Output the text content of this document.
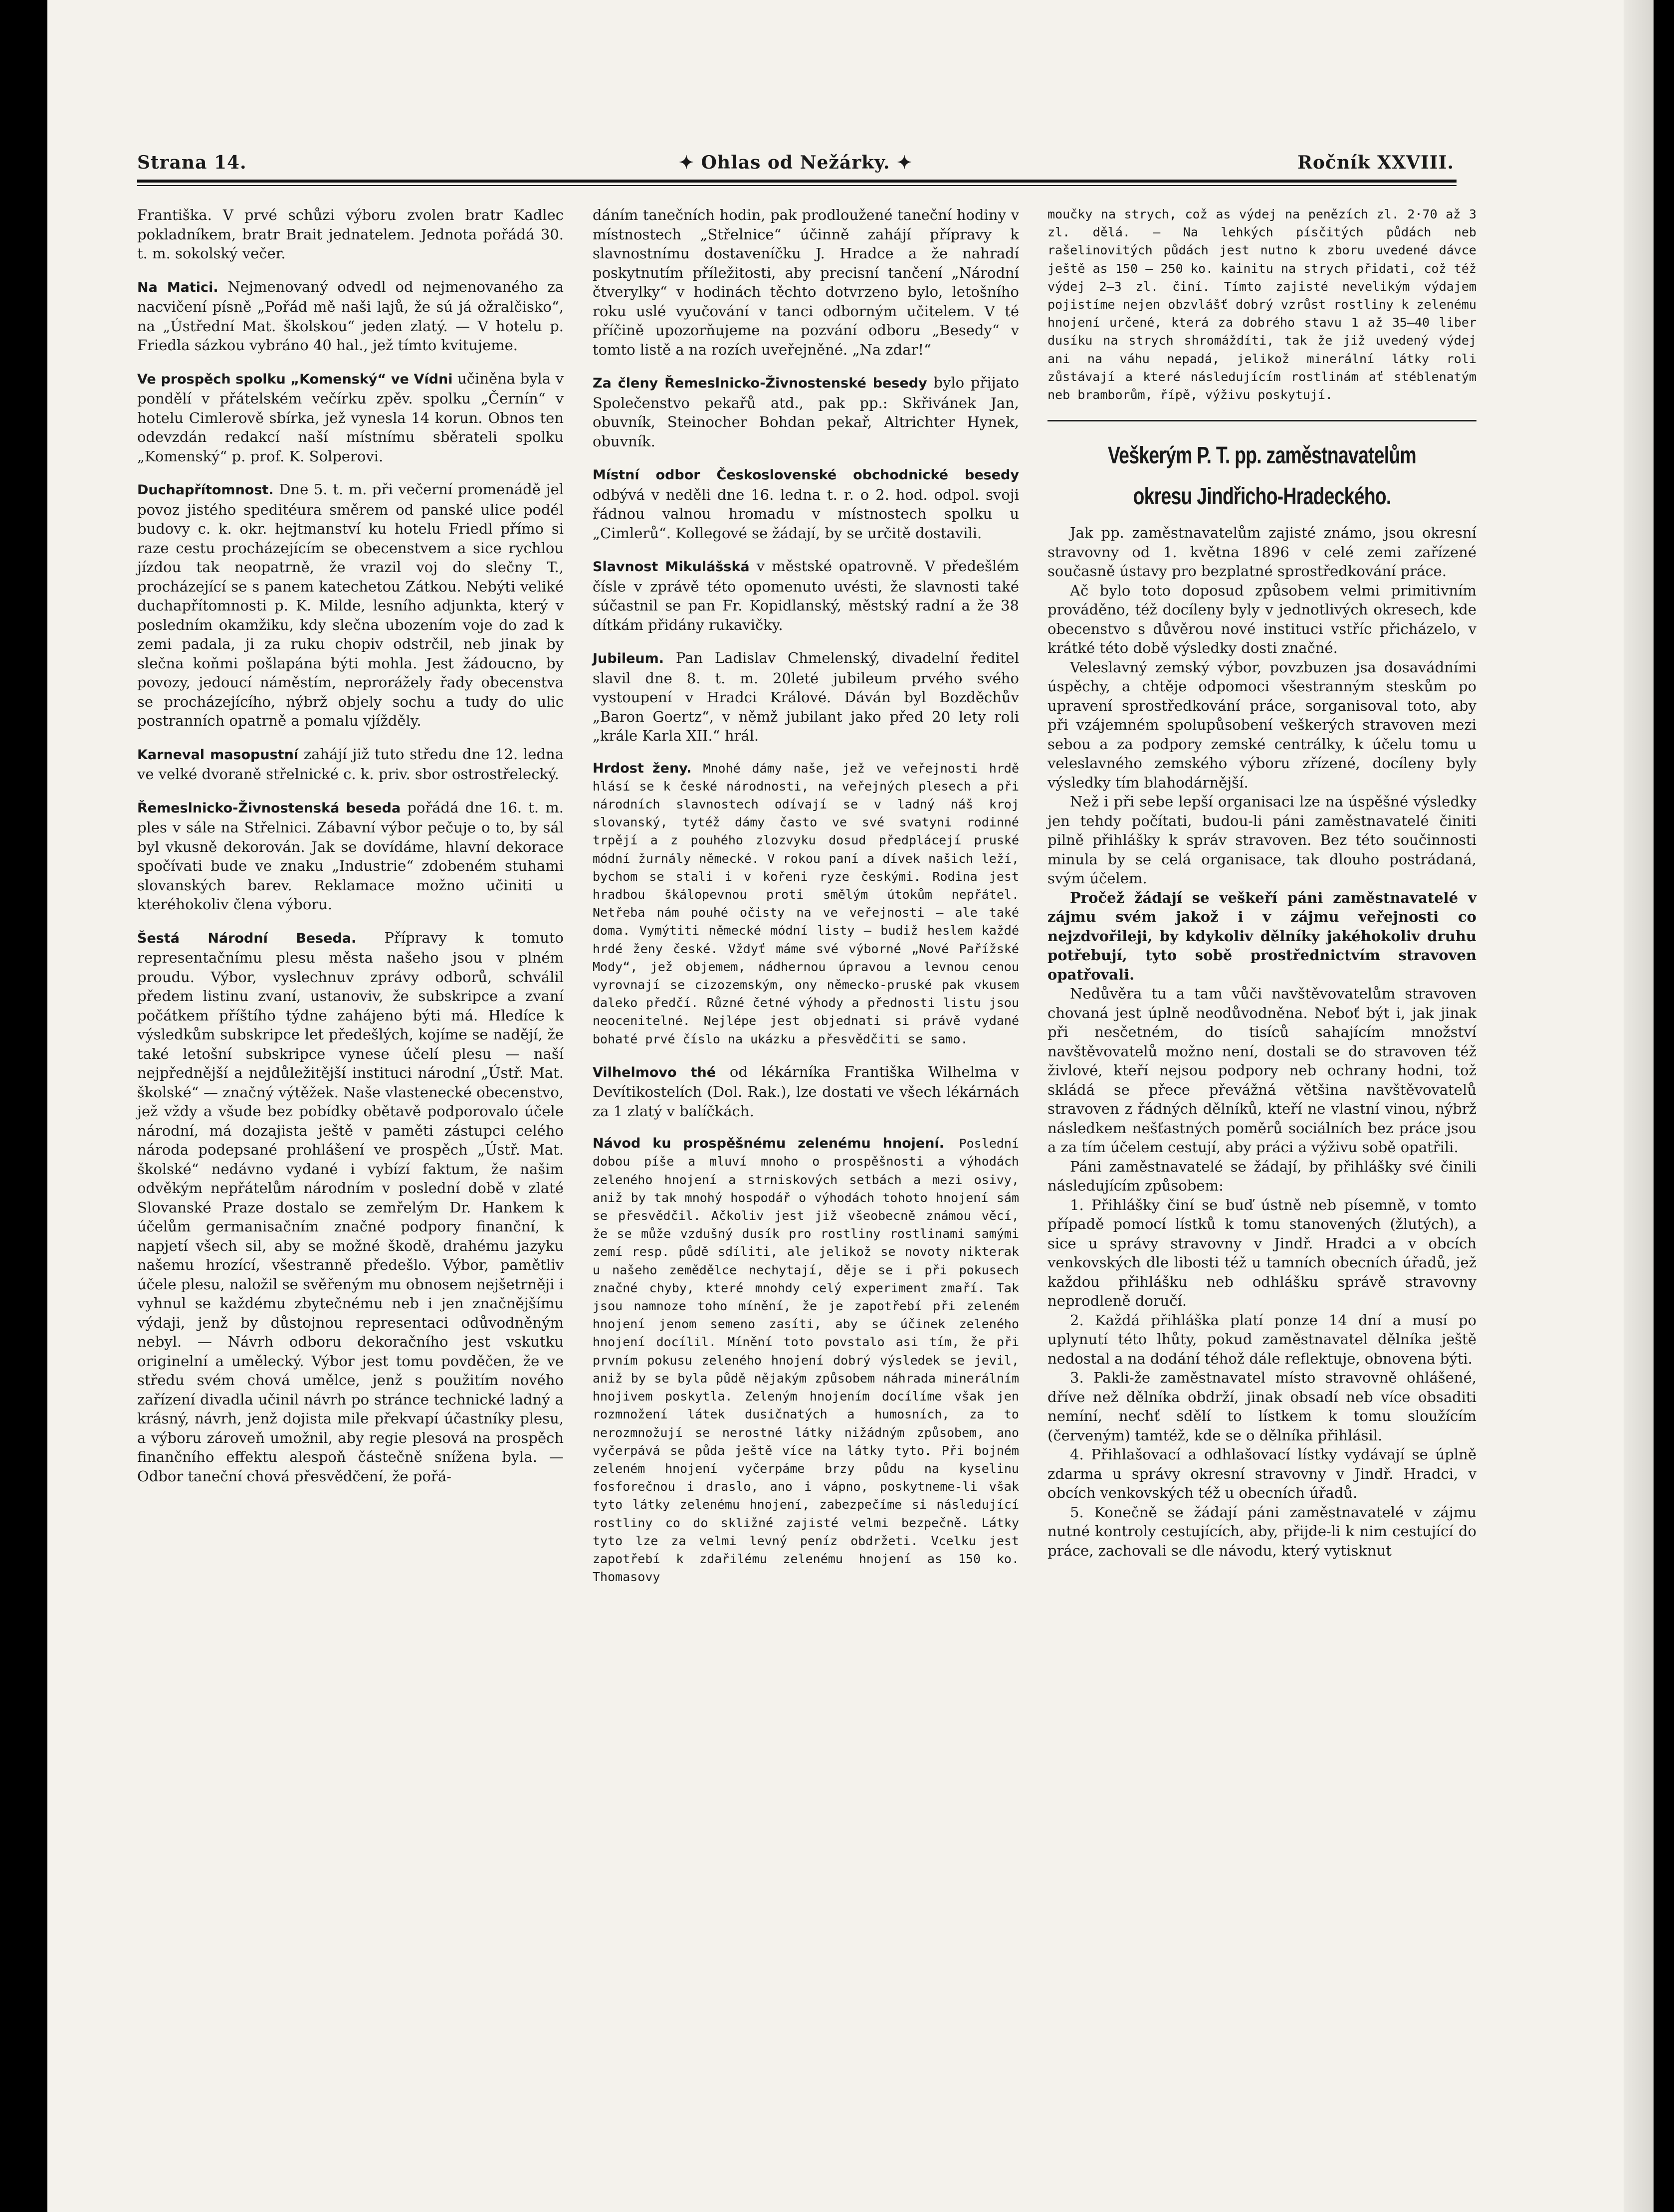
Strana 14.	✦ Ohlas od Nežárky. ✦	Ročník XXVIII.

Františka. V prvé schůzi výboru zvolen bratr Kadlec pokladníkem, bratr Brait jednatelem. Jednota pořádá 30. t. m. sokolský večer.

Na Matici. Nejmenovaný odvedl od nejmenovaného za nacvičení písně „Pořád mě naši lajů, že sú já ožralčisko“, na „Ústřední Mat. školskou“ jeden zlatý. — V hotelu p. Friedla sázkou vybráno 40 hal., jež tímto kvitujeme.

Ve prospěch spolku „Komenský“ ve Vídni učiněna byla v pondělí v přátelském večírku zpěv. spolku „Černín“ v hotelu Cimlerově sbírka, jež vynesla 14 korun. Obnos ten odevzdán redakcí naší místnímu sběrateli spolku „Komenský“ p. prof. K. Solperovi.

Duchapřítomnost. Dne 5. t. m. při večerní promenádě jel povoz jistého speditéura směrem od panské ulice podél budovy c. k. okr. hejtmanství ku hotelu Friedl přímo si raze cestu procházejícím se obecenstvem a sice rychlou jízdou tak neopatrně, že vrazil voj do slečny T., procházející se s panem katechetou Zátkou. Nebýti veliké duchapřítomnosti p. K. Milde, lesního adjunkta, který v posledním okamžiku, kdy slečna ubozením voje do zad k zemi padala, ji za ruku chopiv odstrčil, neb jinak by slečna koňmi pošlapána býti mohla. Jest žádoucno, by povozy, jedoucí náměstím, neprorážely řady obecenstva se procházejícího, nýbrž objely sochu a tudy do ulic postranních opatrně a pomalu vjížděly.

Karneval masopustní zahájí již tuto středu dne 12. ledna ve velké dvoraně střelnické c. k. priv. sbor ostrostřelecký.

Řemeslnicko-Živnostenská beseda pořádá dne 16. t. m. ples v sále na Střelnici. Zábavní výbor pečuje o to, by sál byl vkusně dekorován. Jak se dovídáme, hlavní dekorace spočívati bude ve znaku „Industrie“ zdobeném stuhami slovanských barev. Reklamace možno učiniti u kteréhokoliv člena výboru.

Šestá Národní Beseda. Přípravy k tomuto representačnímu plesu města našeho jsou v plném proudu. Výbor, vyslechnuv zprávy odborů, schválil předem listinu zvaní, ustanoviv, že subskripce a zvaní počátkem příštího týdne zahájeno býti má. Hledíce k výsledkům subskripce let předešlých, kojíme se nadějí, že také letošní subskripce vynese účelí plesu — naší nejpřednější a nejdůležitější instituci národní „Ústř. Mat. školské“ — značný výtěžek. Naše vlastenecké obecenstvo, jež vždy a všude bez pobídky obětavě podporovalo účele národní, má dozajista ještě v paměti zástupci celého národa podepsané prohlášení ve prospěch „Ústř. Mat. školské“ nedávno vydané i vybízí faktum, že našim odvěkým nepřátelům národním v poslední době v zlaté Slovanské Praze dostalo se zemřelým Dr. Hankem k účelům germanisačním značné podpory finanční, k napjetí všech sil, aby se možné škodě, drahému jazyku našemu hrozící, všestranně předešlo. Výbor, pamětliv účele plesu, naložil se svěřeným mu obnosem nejšetrněji i vyhnul se každému zbytečnému neb i jen značnějšímu výdaji, jenž by důstojnou representaci odůvodněným nebyl. — Návrh odboru dekoračního jest vskutku originelní a umělecký. Výbor jest tomu povděčen, že ve středu svém chová umělce, jenž s použitím nového zařízení divadla učinil návrh po stránce technické ladný a krásný, návrh, jenž dojista mile překvapí účastníky plesu, a výboru zároveň umožnil, aby regie plesová na prospěch finančního effektu alespoň částečně snížena byla. — Odbor taneční chová přesvědčení, že pořá-

dáním tanečních hodin, pak prodloužené taneční hodiny v místnostech „Střelnice“ účinně zahájí přípravy k slavnostnímu dostaveníčku J. Hradce a že nahradí poskytnutím příležitosti, aby precisní tančení „Národní čtverylky“ v hodinách těchto dotvrzeno bylo, letošního roku uslé vyučování v tanci odborným učitelem. V té příčině upozorňujeme na pozvání odboru „Besedy“ v tomto listě a na rozích uveřejněné. „Na zdar!“

Za členy Řemeslnicko-Živnostenské besedy bylo přijato Společenstvo pekařů atd., pak pp.: Skřivánek Jan, obuvník, Steinocher Bohdan pekař, Altrichter Hynek, obuvník.

Místní odbor Československé obchodnické besedy odbývá v neděli dne 16. ledna t. r. o 2. hod. odpol. svoji řádnou valnou hromadu v místnostech spolku u „Cimlerů“. Kollegové se žádají, by se určitě dostavili.

Slavnost Mikulášská v městské opatrovně. V předešlém čísle v zprávě této opomenuto uvésti, že slavnosti také súčastnil se pan Fr. Kopidlanský, městský radní a že 38 dítkám přidány rukavičky.

Jubileum. Pan Ladislav Chmelenský, divadelní ředitel slavil dne 8. t. m. 20leté jubileum prvého svého vystoupení v Hradci Králové. Dáván byl Bozděchův „Baron Goertz“, v němž jubilant jako před 20 lety roli „krále Karla XII.“ hrál.

Hrdost ženy. Mnohé dámy naše, jež ve veřejnosti hrdě hlásí se k české národnosti, na veřejných plesech a při národních slavnostech odívají se v ladný náš kroj slovanský, tytéž dámy často ve své svatyni rodinné trpějí a z pouhého zlozvyku dosud předplácejí pruské módní žurnály německé. V rokou paní a dívek našich leží, bychom se stali i v kořeni ryze českými. Rodina jest hradbou škálopevnou proti smělým útokům nepřátel. Netřeba nám pouhé očisty na ve veřejnosti — ale také doma. Vymýtiti německé módní listy — budiž heslem každé hrdé ženy české. Vždyť máme své výborné „Nové Pařížské Mody“, jež objemem, nádhernou úpravou a levnou cenou vyrovnají se cizozemským, ony německo-pruské pak vkusem daleko předčí. Různé četné výhody a přednosti listu jsou neocenitelné. Nejlépe jest objednati si právě vydané bohaté prvé číslo na ukázku a přesvědčiti se samo.

Vilhelmovo thé od lékárníka Františka Wilhelma v Devítikostelích (Dol. Rak.), lze dostati ve všech lékárnách za 1 zlatý v balíčkách.

Návod ku prospěšnému zelenému hnojení. Poslední dobou píše a mluví mnoho o prospěšnosti a výhodách zeleného hnojení a strniskových setbách a mezi osivy, aniž by tak mnohý hospodář o výhodách tohoto hnojení sám se přesvědčil. Ačkoliv jest již všeobecně známou věcí, že se může vzdušný dusík pro rostliny rostlinami samými zemí resp. půdě sdíliti, ale jelikož se novoty nikterak u našeho zemědělce nechytají, děje se i při pokusech značné chyby, které mnohdy celý experiment zmaří. Tak jsou namnoze toho mínění, že je zapotřebí při zeleném hnojení jenom semeno zasíti, aby se účinek zeleného hnojení docílil. Mínění toto povstalo asi tím, že při prvním pokusu zeleného hnojení dobrý výsledek se jevil, aniž by se byla půdě nějakým způsobem náhrada minerálním hnojivem poskytla. Zeleným hnojením docílíme však jen rozmnožení látek dusičnatých a humosních, za to nerozmnožují se nerostné látky nižádným způsobem, ano vyčerpává se půda ještě více na látky tyto. Při bojném zeleném hnojení vyčerpáme brzy půdu na kyselinu fosforečnou i draslo, ano i vápno, poskytneme-li však tyto látky zelenému hnojení, zabezpečíme si následující rostliny co do skližné zajisté velmi bezpečně. Látky tyto lze za velmi levný peníz obdržeti. Vcelku jest zapotřebí k zdařilému zelenému hnojení as 150 ko. Thomasovy

moučky na strych, což as výdej na penězích zl. 2·70 až 3 zl. dělá. — Na lehkých písčitých půdách neb rašelinovitých půdách jest nutno k zboru uvedené dávce ještě as 150 — 250 ko. kainitu na strych přidati, což též výdej 2—3 zl. činí. Tímto zajisté nevelikým výdajem pojistíme nejen obzvlášť dobrý vzrůst rostliny k zelenému hnojení určené, která za dobrého stavu 1 až 35—40 liber dusíku na strych shromáždíti, tak že již uvedený výdej ani na váhu nepadá, jelikož minerální látky roli zůstávají a které následujícím rostlinám ať stéblenatým neb bramborům, řípě, výživu poskytují.

Veškerým P. T. pp. zaměstnavatelům
okresu Jindřicho-Hradeckého.

Jak pp. zaměstnavatelům zajisté známo, jsou okresní stravovny od 1. května 1896 v celé zemi zařízené současně ústavy pro bezplatné sprostředkování práce.

Ač bylo toto doposud způsobem velmi primitivním prováděno, též docíleny byly v jednotlivých okresech, kde obecenstvo s důvěrou nové instituci vstříc přicházelo, v krátké této době výsledky dosti značné.

Veleslavný zemský výbor, povzbuzen jsa dosavádními úspěchy, a chtěje odpomoci všestranným steskům po upravení sprostředkování práce, sorganisoval toto, aby při vzájemném spolupůsobení veškerých stravoven mezi sebou a za podpory zemské centrálky, k účelu tomu u veleslavného zemského výboru zřízené, docíleny byly výsledky tím blahodárnější.

Než i při sebe lepší organisaci lze na úspěšné výsledky jen tehdy počítati, budou-li páni zaměstnavatelé činiti pilně přihlášky k správ stravoven. Bez této součinnosti minula by se celá organisace, tak dlouho postrádaná, svým účelem.

Pročež žádají se veškeří páni zaměstnavatelé v zájmu svém jakož i v zájmu veřejnosti co nejzdvořileji, by kdykoliv dělníky jakéhokoliv druhu potřebují, tyto sobě prostřednictvím stravoven opatřovali.

Nedůvěra tu a tam vůči navštěvovatelům stravoven chovaná jest úplně neodůvodněna. Neboť být i, jak jinak při nesčetném, do tisíců sahajícím množství navštěvovatelů možno není, dostali se do stravoven též živlové, kteří nejsou podpory neb ochrany hodni, tož skládá se přece převážná většina navštěvovatelů stravoven z řádných dělníků, kteří ne vlastní vinou, nýbrž následkem nešťastných poměrů sociálních bez práce jsou a za tím účelem cestují, aby práci a výživu sobě opatřili.

Páni zaměstnavatelé se žádají, by přihlášky své činili následujícím způsobem:

1. Přihlášky činí se buď ústně neb písemně, v tomto případě pomocí lístků k tomu stanovených (žlutých), a sice u správy stravovny v Jindř. Hradci a v obcích venkovských dle libosti též u tamních obecních úřadů, jež každou přihlášku neb odhlášku správě stravovny neprodleně doručí.

2. Každá přihláška platí ponze 14 dní a musí po uplynutí této lhůty, pokud zaměstnavatel dělníka ještě nedostal a na dodání téhož dále reflektuje, obnovena býti.

3. Pakli-že zaměstnavatel místo stravovně ohlášené, dříve než dělníka obdrží, jinak obsadí neb více obsaditi nemíní, nechť sdělí to lístkem k tomu sloužícím (červeným) tamtéž, kde se o dělníka přihlásil.

4. Přihlašovací a odhlašovací lístky vydávají se úplně zdarma u správy okresní stravovny v Jindř. Hradci, v obcích venkovských též u obecních úřadů.

5. Konečně se žádají páni zaměstnavatelé v zájmu nutné kontroly cestujících, aby, přijde-li k nim cestující do práce, zachovali se dle návodu, který vytisknut
